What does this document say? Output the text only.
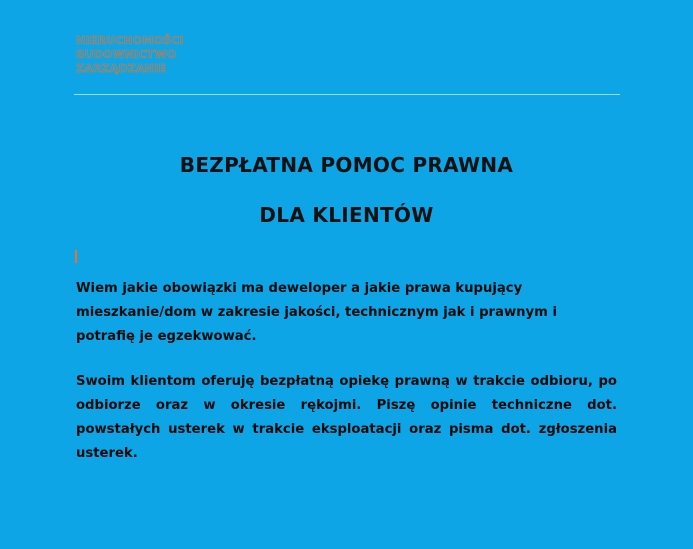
NIERUCHOMOŚCI
BUDOWNICTWO
ZARZĄDZANIE
BEZPŁATNA POMOC PRAWNA
DLA KLIENTÓW
Wiem jakie obowiązki ma deweloper a jakie prawa kupujący mieszkanie/dom w zakresie jakości, technicznym jak i prawnym i potrafię je egzekwować.
Swoim klientom oferuję bezpłatną opiekę prawną w trakcie odbioru, po odbiorze oraz w okresie rękojmi. Piszę opinie techniczne dot. powstałych usterek w trakcie eksploatacji oraz pisma dot. zgłoszenia usterek.
